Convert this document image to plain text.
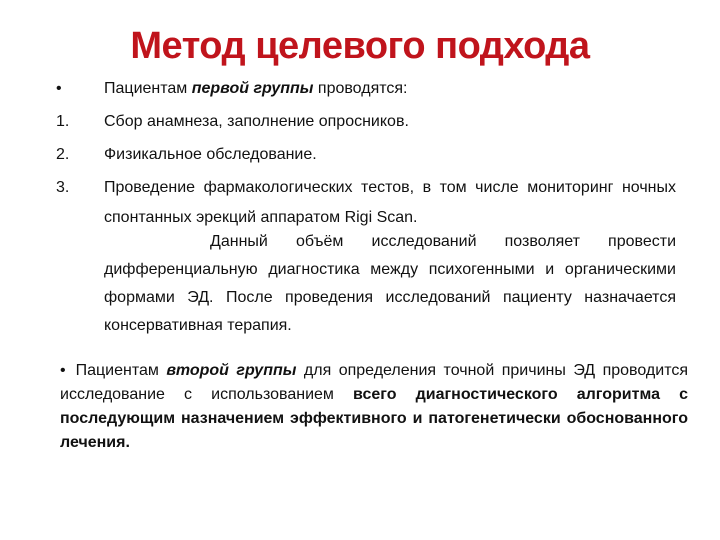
Метод целевого подхода
•	Пациентам первой группы проводятся:
1.	Сбор анамнеза, заполнение опросников.
2.	Физикальное обследование.
3.	Проведение фармакологических тестов, в том числе мониторинг ночных спонтанных эрекций аппаратом Rigi Scan.
Данный объём исследований позволяет провести дифференциальную диагностика между психогенными и органическими формами ЭД. После проведения исследований пациенту назначается консервативная терапия.
• Пациентам второй группы для определения точной причины ЭД проводится исследование с использованием всего диагностического алгоритма с последующим назначением эффективного и патогенетически обоснованного лечения.
